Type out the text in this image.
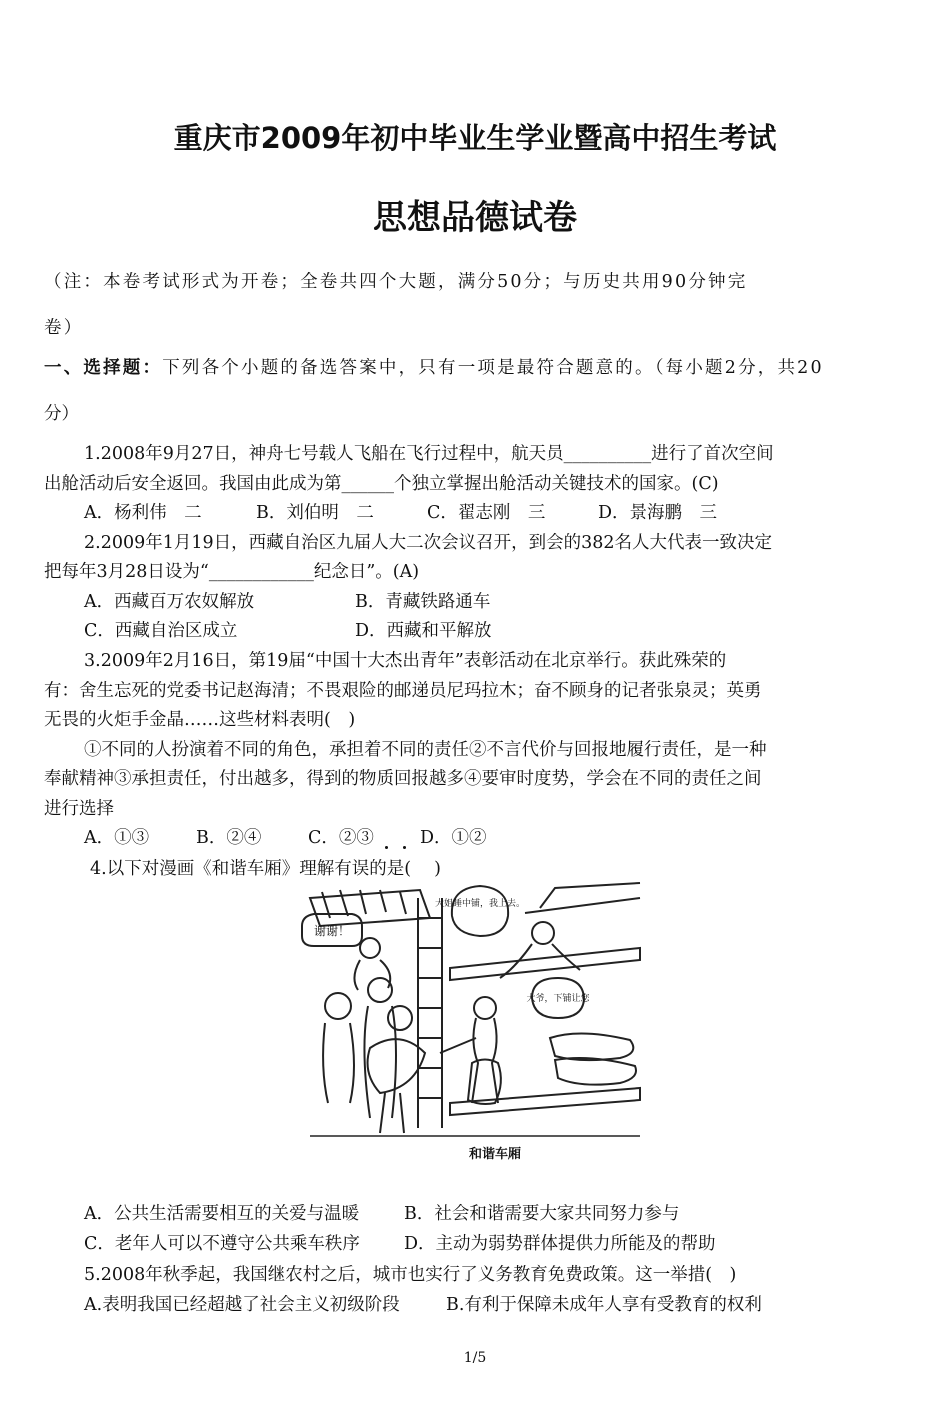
重庆市2009年初中毕业生学业暨高中招生考试
思想品德试卷
（注：本卷考试形式为开卷；全卷共四个大题，满分50分；与历史共用90分钟完
卷）
一、选择题：下列各个小题的备选答案中，只有一项是最符合题意的。（每小题2分，共20
分）
1.2008年9月27日，神舟七号载人飞船在飞行过程中，航天员__________进行了首次空间
出舱活动后安全返回。我国由此成为第______个独立掌握出舱活动关键技术的国家。(C)
A．杨利伟　二	B．刘伯明　二	C．翟志刚　三	D．景海鹏　三
2.2009年1月19日，西藏自治区九届人大二次会议召开，到会的382名人大代表一致决定
把每年3月28日设为“____________纪念日”。(A)
A．西藏百万农奴解放	B．青藏铁路通车
C．西藏自治区成立	D．西藏和平解放
3.2009年2月16日，第19届“中国十大杰出青年”表彰活动在北京举行。获此殊荣的
有：舍生忘死的党委书记赵海清；不畏艰险的邮递员尼玛拉木；奋不顾身的记者张泉灵；英勇
无畏的火炬手金晶……这些材料表明(　)
①不同的人扮演着不同的角色，承担着不同的责任②不言代价与回报地履行责任，是一种
奉献精神③承担责任，付出越多，得到的物质回报越多④要审时度势，学会在不同的责任之间
进行选择
A．①③	B．②④	C．②③	D．①②
4.以下对漫画《和谐车厢》理解有误的是(　 )
谢谢！
大姐睡中铺，我上去。
大爷，下铺让您
和谐车厢
A．公共生活需要相互的关爱与温暖	B．社会和谐需要大家共同努力参与
C．老年人可以不遵守公共乘车秩序	D．主动为弱势群体提供力所能及的帮助
5.2008年秋季起，我国继农村之后，城市也实行了义务教育免费政策。这一举措(　)
A.表明我国已经超越了社会主义初级阶段	B.有利于保障未成年人享有受教育的权利
1/5
